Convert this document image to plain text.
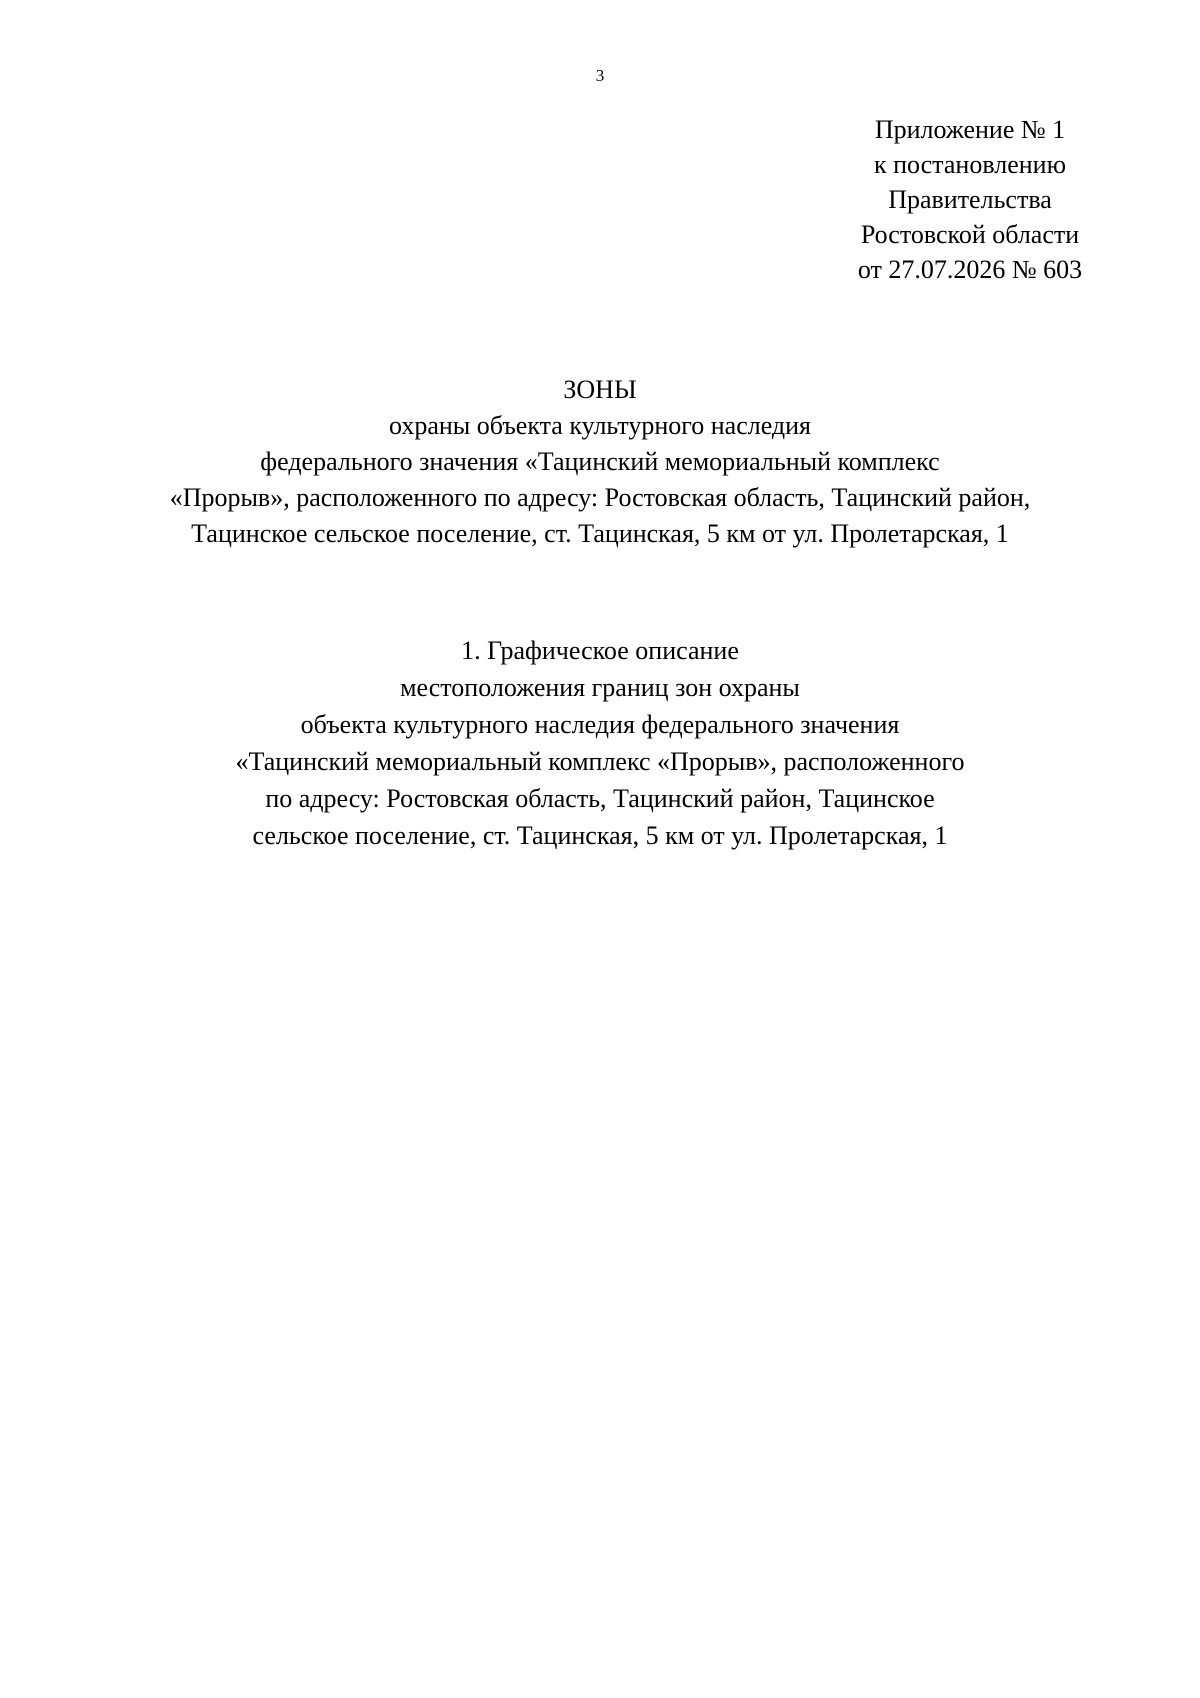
3
Приложение № 1
к постановлению
Правительства
Ростовской области
от 27.07.2026 № 603
ЗОНЫ
охраны объекта культурного наследия
федерального значения «Тацинский мемориальный комплекс
«Прорыв», расположенного по адресу: Ростовская область, Тацинский район,
Тацинское сельское поселение, ст. Тацинская, 5 км от ул. Пролетарская, 1
1. Графическое описание
местоположения границ зон охраны
объекта культурного наследия федерального значения
«Тацинский мемориальный комплекс «Прорыв», расположенного
по адресу: Ростовская область, Тацинский район, Тацинское
сельское поселение, ст. Тацинская, 5 км от ул. Пролетарская, 1
